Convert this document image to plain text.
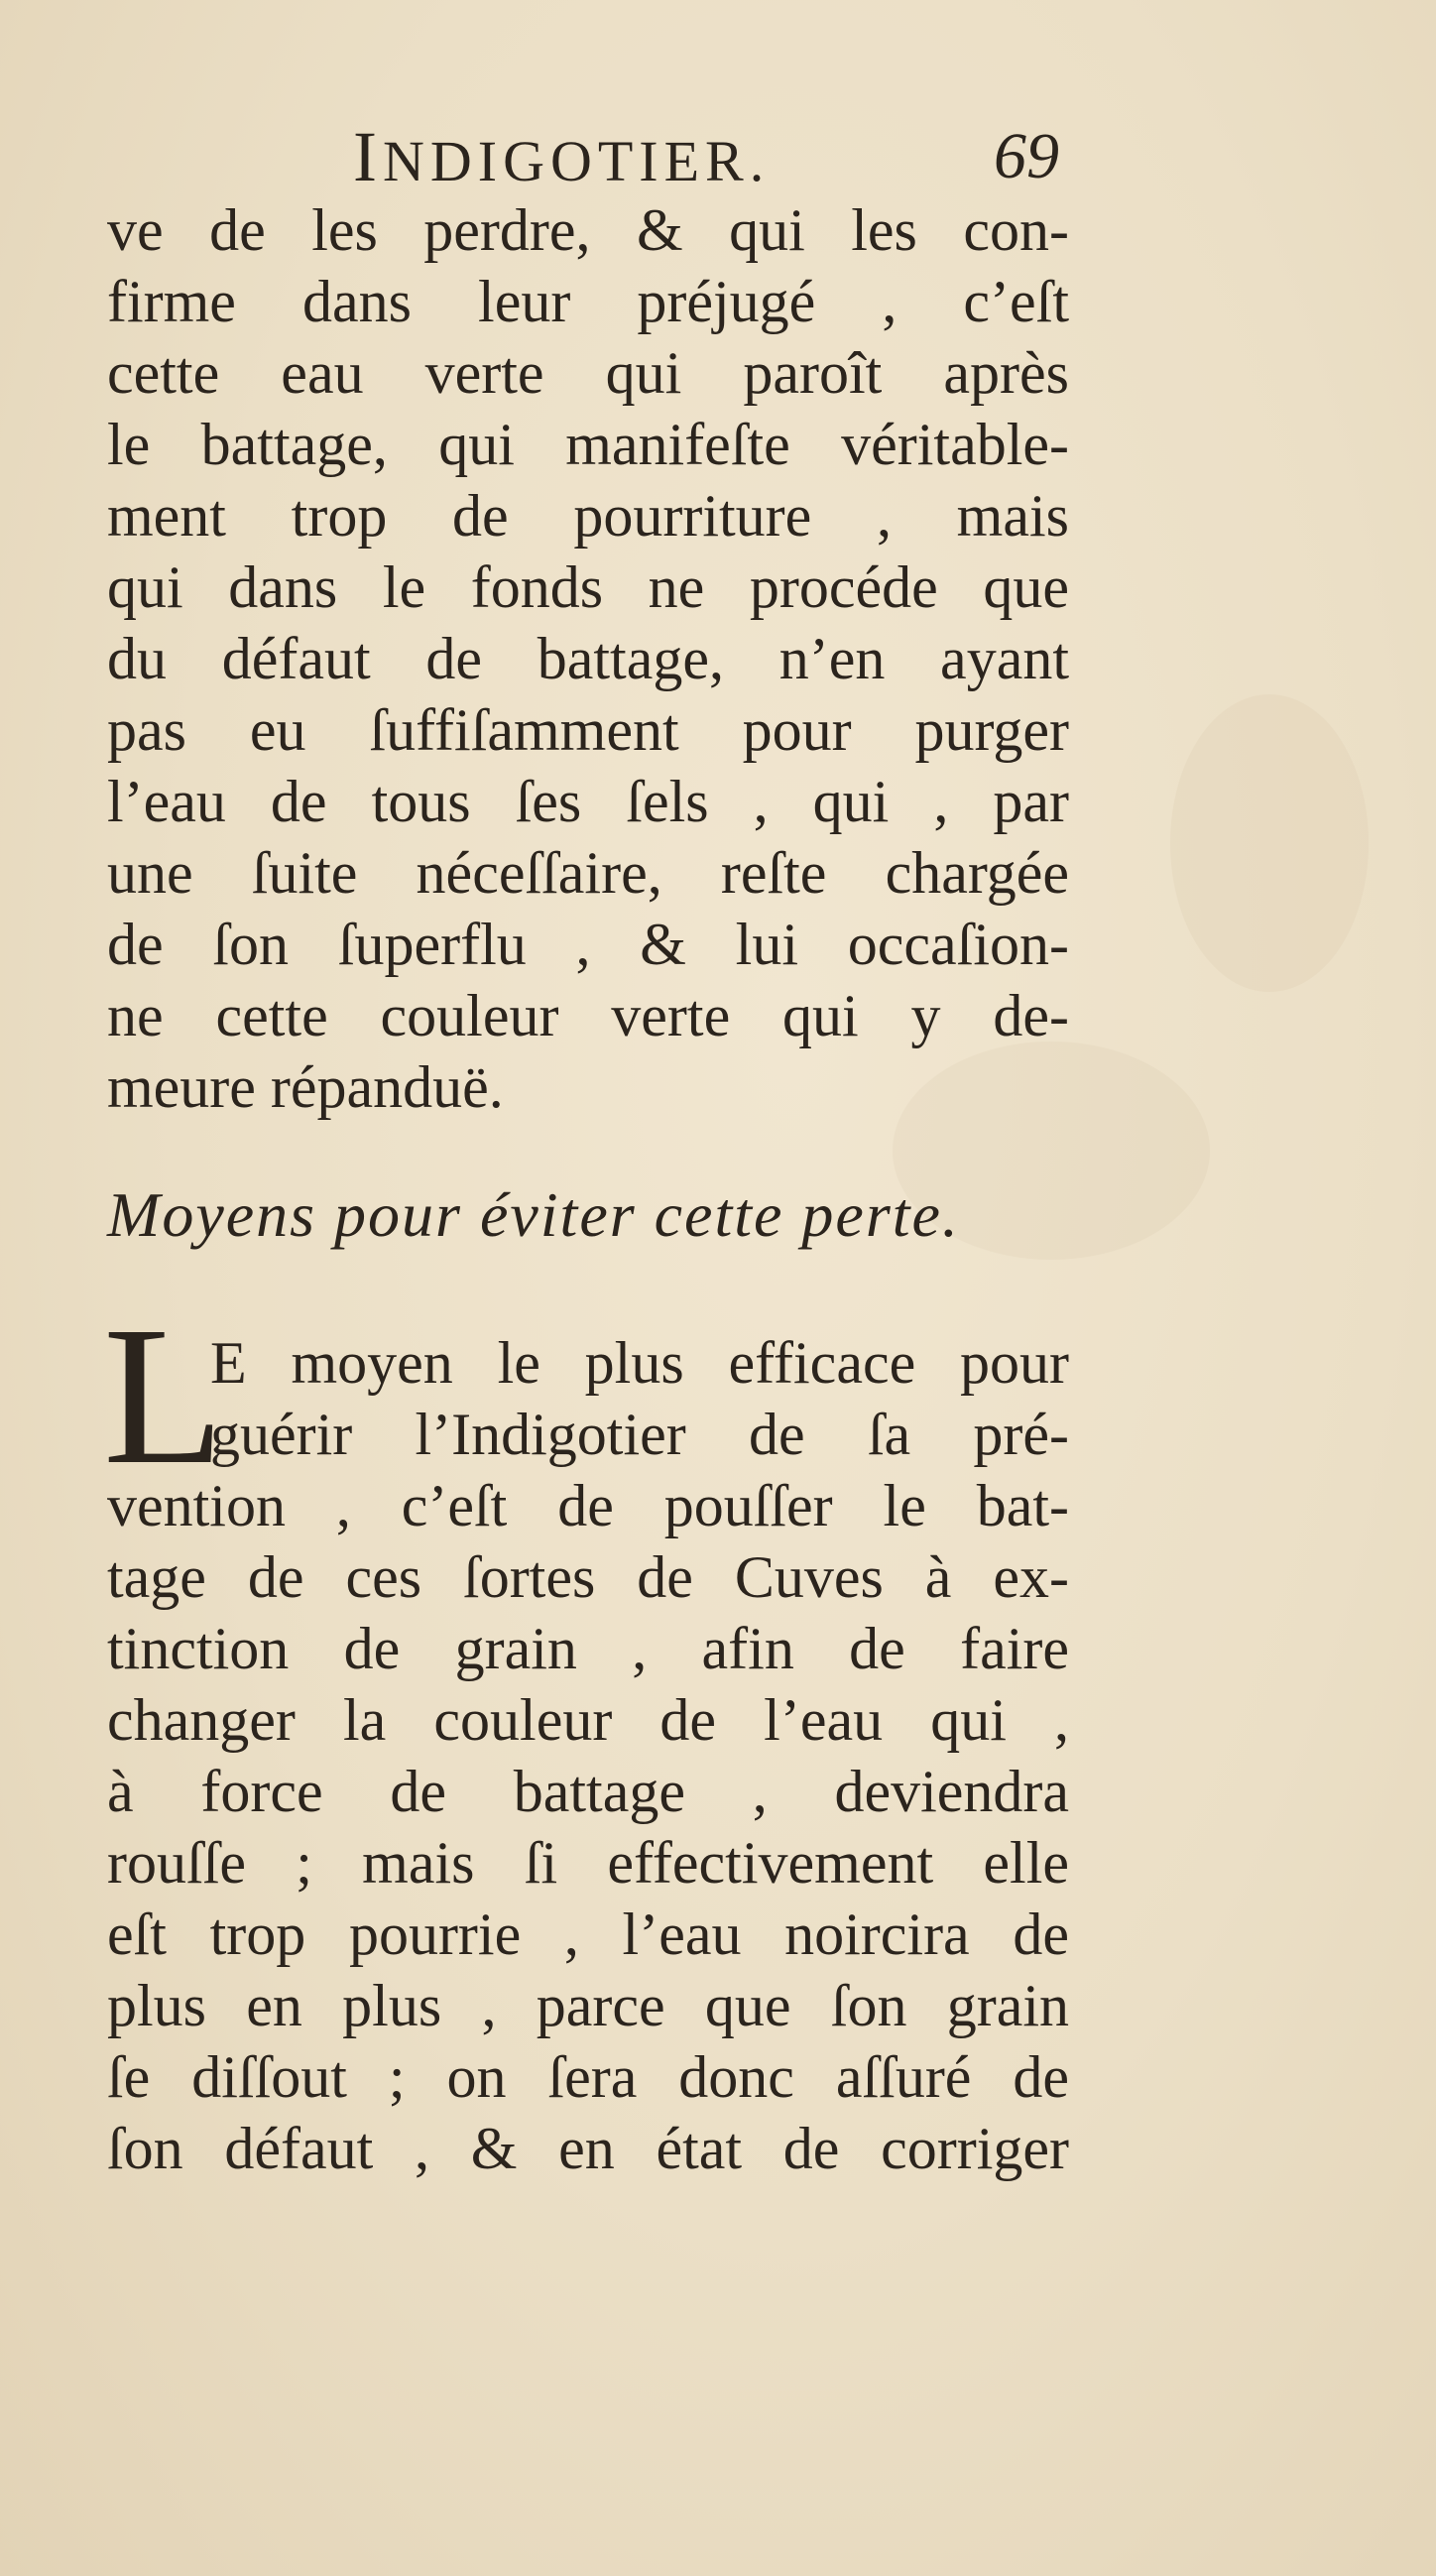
INDIGOTIER.	69
ve de les perdre, & qui les con-
firme dans leur préjugé , c’eſt
cette eau verte qui paroît après
le battage, qui manifeſte véritable-
ment trop de pourriture , mais
qui dans le fonds ne procéde que
du défaut de battage, n’en ayant
pas eu ſuffiſamment pour purger
l’eau de tous ſes ſels , qui , par
une ſuite néceſſaire, reſte chargée
de ſon ſuperflu , & lui occaſion-
ne cette couleur verte qui y de-
meure répanduë.
Moyens pour éviter cette perte.
L
E moyen le plus efficace pour
guérir l’Indigotier de ſa pré-
vention , c’eſt de pouſſer le bat-
tage de ces ſortes de Cuves à ex-
tinction de grain , afin de faire
changer la couleur de l’eau qui ,
à force de battage , deviendra
rouſſe ; mais ſi effectivement elle
eſt trop pourrie , l’eau noircira de
plus en plus , parce que ſon grain
ſe diſſout ; on ſera donc aſſuré de
ſon défaut , & en état de corriger
